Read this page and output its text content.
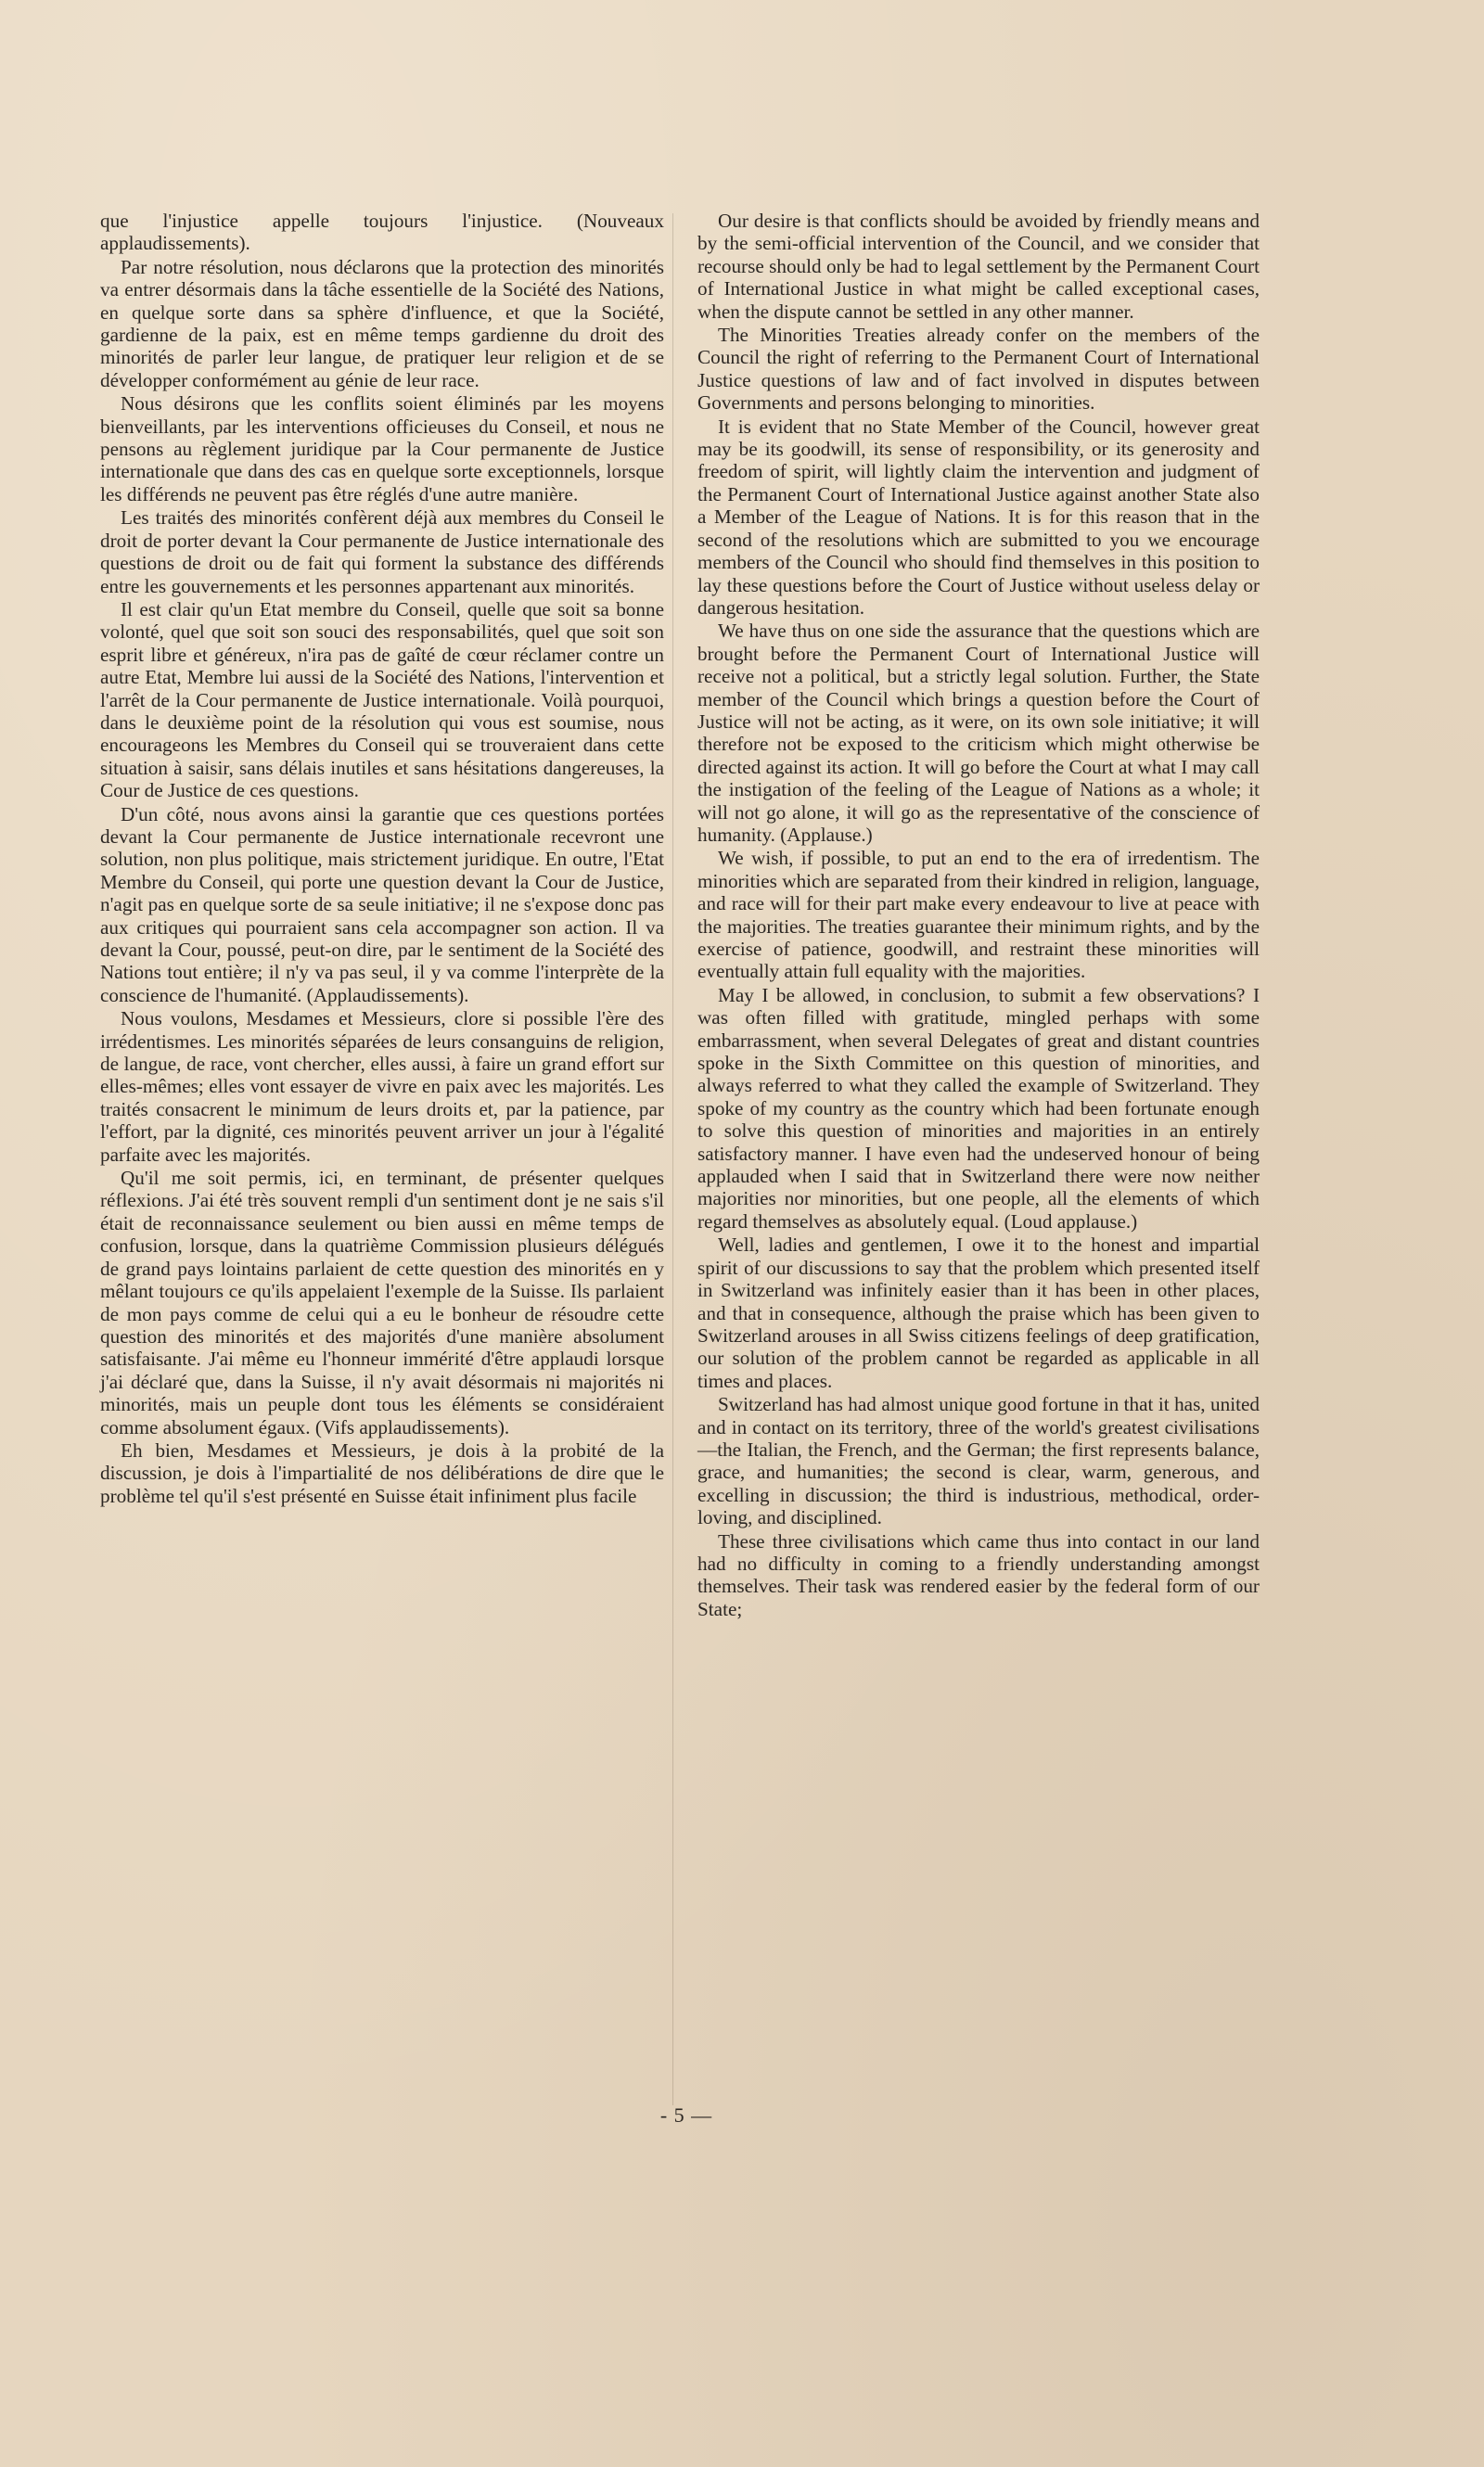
que l'injustice appelle toujours l'injustice. (Nouveaux applaudissements).

Par notre résolution, nous déclarons que la protection des minorités va entrer désormais dans la tâche essentielle de la Société des Nations, en quelque sorte dans sa sphère d'influence, et que la Société, gardienne de la paix, est en même temps gardienne du droit des minorités de parler leur langue, de pratiquer leur religion et de se développer conformément au génie de leur race.

Nous désirons que les conflits soient éliminés par les moyens bienveillants, par les interventions officieuses du Conseil, et nous ne pensons au règlement juridique par la Cour permanente de Justice internationale que dans des cas en quelque sorte exceptionnels, lorsque les différends ne peuvent pas être réglés d'une autre manière.

Les traités des minorités confèrent déjà aux membres du Conseil le droit de porter devant la Cour permanente de Justice internationale des questions de droit ou de fait qui forment la substance des différends entre les gouvernements et les personnes appartenant aux minorités.

Il est clair qu'un Etat membre du Conseil, quelle que soit sa bonne volonté, quel que soit son souci des responsabilités, quel que soit son esprit libre et généreux, n'ira pas de gaîté de cœur réclamer contre un autre Etat, Membre lui aussi de la Société des Nations, l'intervention et l'arrêt de la Cour permanente de Justice internationale. Voilà pourquoi, dans le deuxième point de la résolution qui vous est soumise, nous encourageons les Membres du Conseil qui se trouveraient dans cette situation à saisir, sans délais inutiles et sans hésitations dangereuses, la Cour de Justice de ces questions.

D'un côté, nous avons ainsi la garantie que ces questions portées devant la Cour permanente de Justice internationale recevront une solution, non plus politique, mais strictement juridique. En outre, l'Etat Membre du Conseil, qui porte une question devant la Cour de Justice, n'agit pas en quelque sorte de sa seule initiative; il ne s'expose donc pas aux critiques qui pourraient sans cela accompagner son action. Il va devant la Cour, poussé, peut-on dire, par le sentiment de la Société des Nations tout entière; il n'y va pas seul, il y va comme l'interprète de la conscience de l'humanité. (Applaudissements).

Nous voulons, Mesdames et Messieurs, clore si possible l'ère des irrédentismes. Les minorités séparées de leurs consanguins de religion, de langue, de race, vont chercher, elles aussi, à faire un grand effort sur elles-mêmes; elles vont essayer de vivre en paix avec les majorités. Les traités consacrent le minimum de leurs droits et, par la patience, par l'effort, par la dignité, ces minorités peuvent arriver un jour à l'égalité parfaite avec les majorités.

Qu'il me soit permis, ici, en terminant, de présenter quelques réflexions. J'ai été très souvent rempli d'un sentiment dont je ne sais s'il était de reconnaissance seulement ou bien aussi en même temps de confusion, lorsque, dans la quatrième Commission plusieurs délégués de grand pays lointains parlaient de cette question des minorités en y mêlant toujours ce qu'ils appelaient l'exemple de la Suisse. Ils parlaient de mon pays comme de celui qui a eu le bonheur de résoudre cette question des minorités et des majorités d'une manière absolument satisfaisante. J'ai même eu l'honneur immérité d'être applaudi lorsque j'ai déclaré que, dans la Suisse, il n'y avait désormais ni majorités ni minorités, mais un peuple dont tous les éléments se considéraient comme absolument égaux. (Vifs applaudissements).

Eh bien, Mesdames et Messieurs, je dois à la probité de la discussion, je dois à l'impartialité de nos délibérations de dire que le problème tel qu'il s'est présenté en Suisse était infiniment plus facile

Our desire is that conflicts should be avoided by friendly means and by the semi-official intervention of the Council, and we consider that recourse should only be had to legal settlement by the Permanent Court of International Justice in what might be called exceptional cases, when the dispute cannot be settled in any other manner.

The Minorities Treaties already confer on the members of the Council the right of referring to the Permanent Court of International Justice questions of law and of fact involved in disputes between Governments and persons belonging to minorities.

It is evident that no State Member of the Council, however great may be its goodwill, its sense of responsibility, or its generosity and freedom of spirit, will lightly claim the intervention and judgment of the Permanent Court of International Justice against another State also a Member of the League of Nations. It is for this reason that in the second of the resolutions which are submitted to you we encourage members of the Council who should find themselves in this position to lay these questions before the Court of Justice without useless delay or dangerous hesitation.

We have thus on one side the assurance that the questions which are brought before the Permanent Court of International Justice will receive not a political, but a strictly legal solution. Further, the State member of the Council which brings a question before the Court of Justice will not be acting, as it were, on its own sole initiative; it will therefore not be exposed to the criticism which might otherwise be directed against its action. It will go before the Court at what I may call the instigation of the feeling of the League of Nations as a whole; it will not go alone, it will go as the representative of the conscience of humanity. (Applause.)

We wish, if possible, to put an end to the era of irredentism. The minorities which are separated from their kindred in religion, language, and race will for their part make every endeavour to live at peace with the majorities. The treaties guarantee their minimum rights, and by the exercise of patience, goodwill, and restraint these minorities will eventually attain full equality with the majorities.

May I be allowed, in conclusion, to submit a few observations? I was often filled with gratitude, mingled perhaps with some embarrassment, when several Delegates of great and distant countries spoke in the Sixth Committee on this question of minorities, and always referred to what they called the example of Switzerland. They spoke of my country as the country which had been fortunate enough to solve this question of minorities and majorities in an entirely satisfactory manner. I have even had the undeserved honour of being applauded when I said that in Switzerland there were now neither majorities nor minorities, but one people, all the elements of which regard themselves as absolutely equal. (Loud applause.)

Well, ladies and gentlemen, I owe it to the honest and impartial spirit of our discussions to say that the problem which presented itself in Switzerland was infinitely easier than it has been in other places, and that in consequence, although the praise which has been given to Switzerland arouses in all Swiss citizens feelings of deep gratification, our solution of the problem cannot be regarded as applicable in all times and places.

Switzerland has had almost unique good fortune in that it has, united and in contact on its territory, three of the world's greatest civilisations—the Italian, the French, and the German; the first represents balance, grace, and humanities; the second is clear, warm, generous, and excelling in discussion; the third is industrious, methodical, order-loving, and disciplined.

These three civilisations which came thus into contact in our land had no difficulty in coming to a friendly understanding amongst themselves. Their task was rendered easier by the federal form of our State;

- 5 —
